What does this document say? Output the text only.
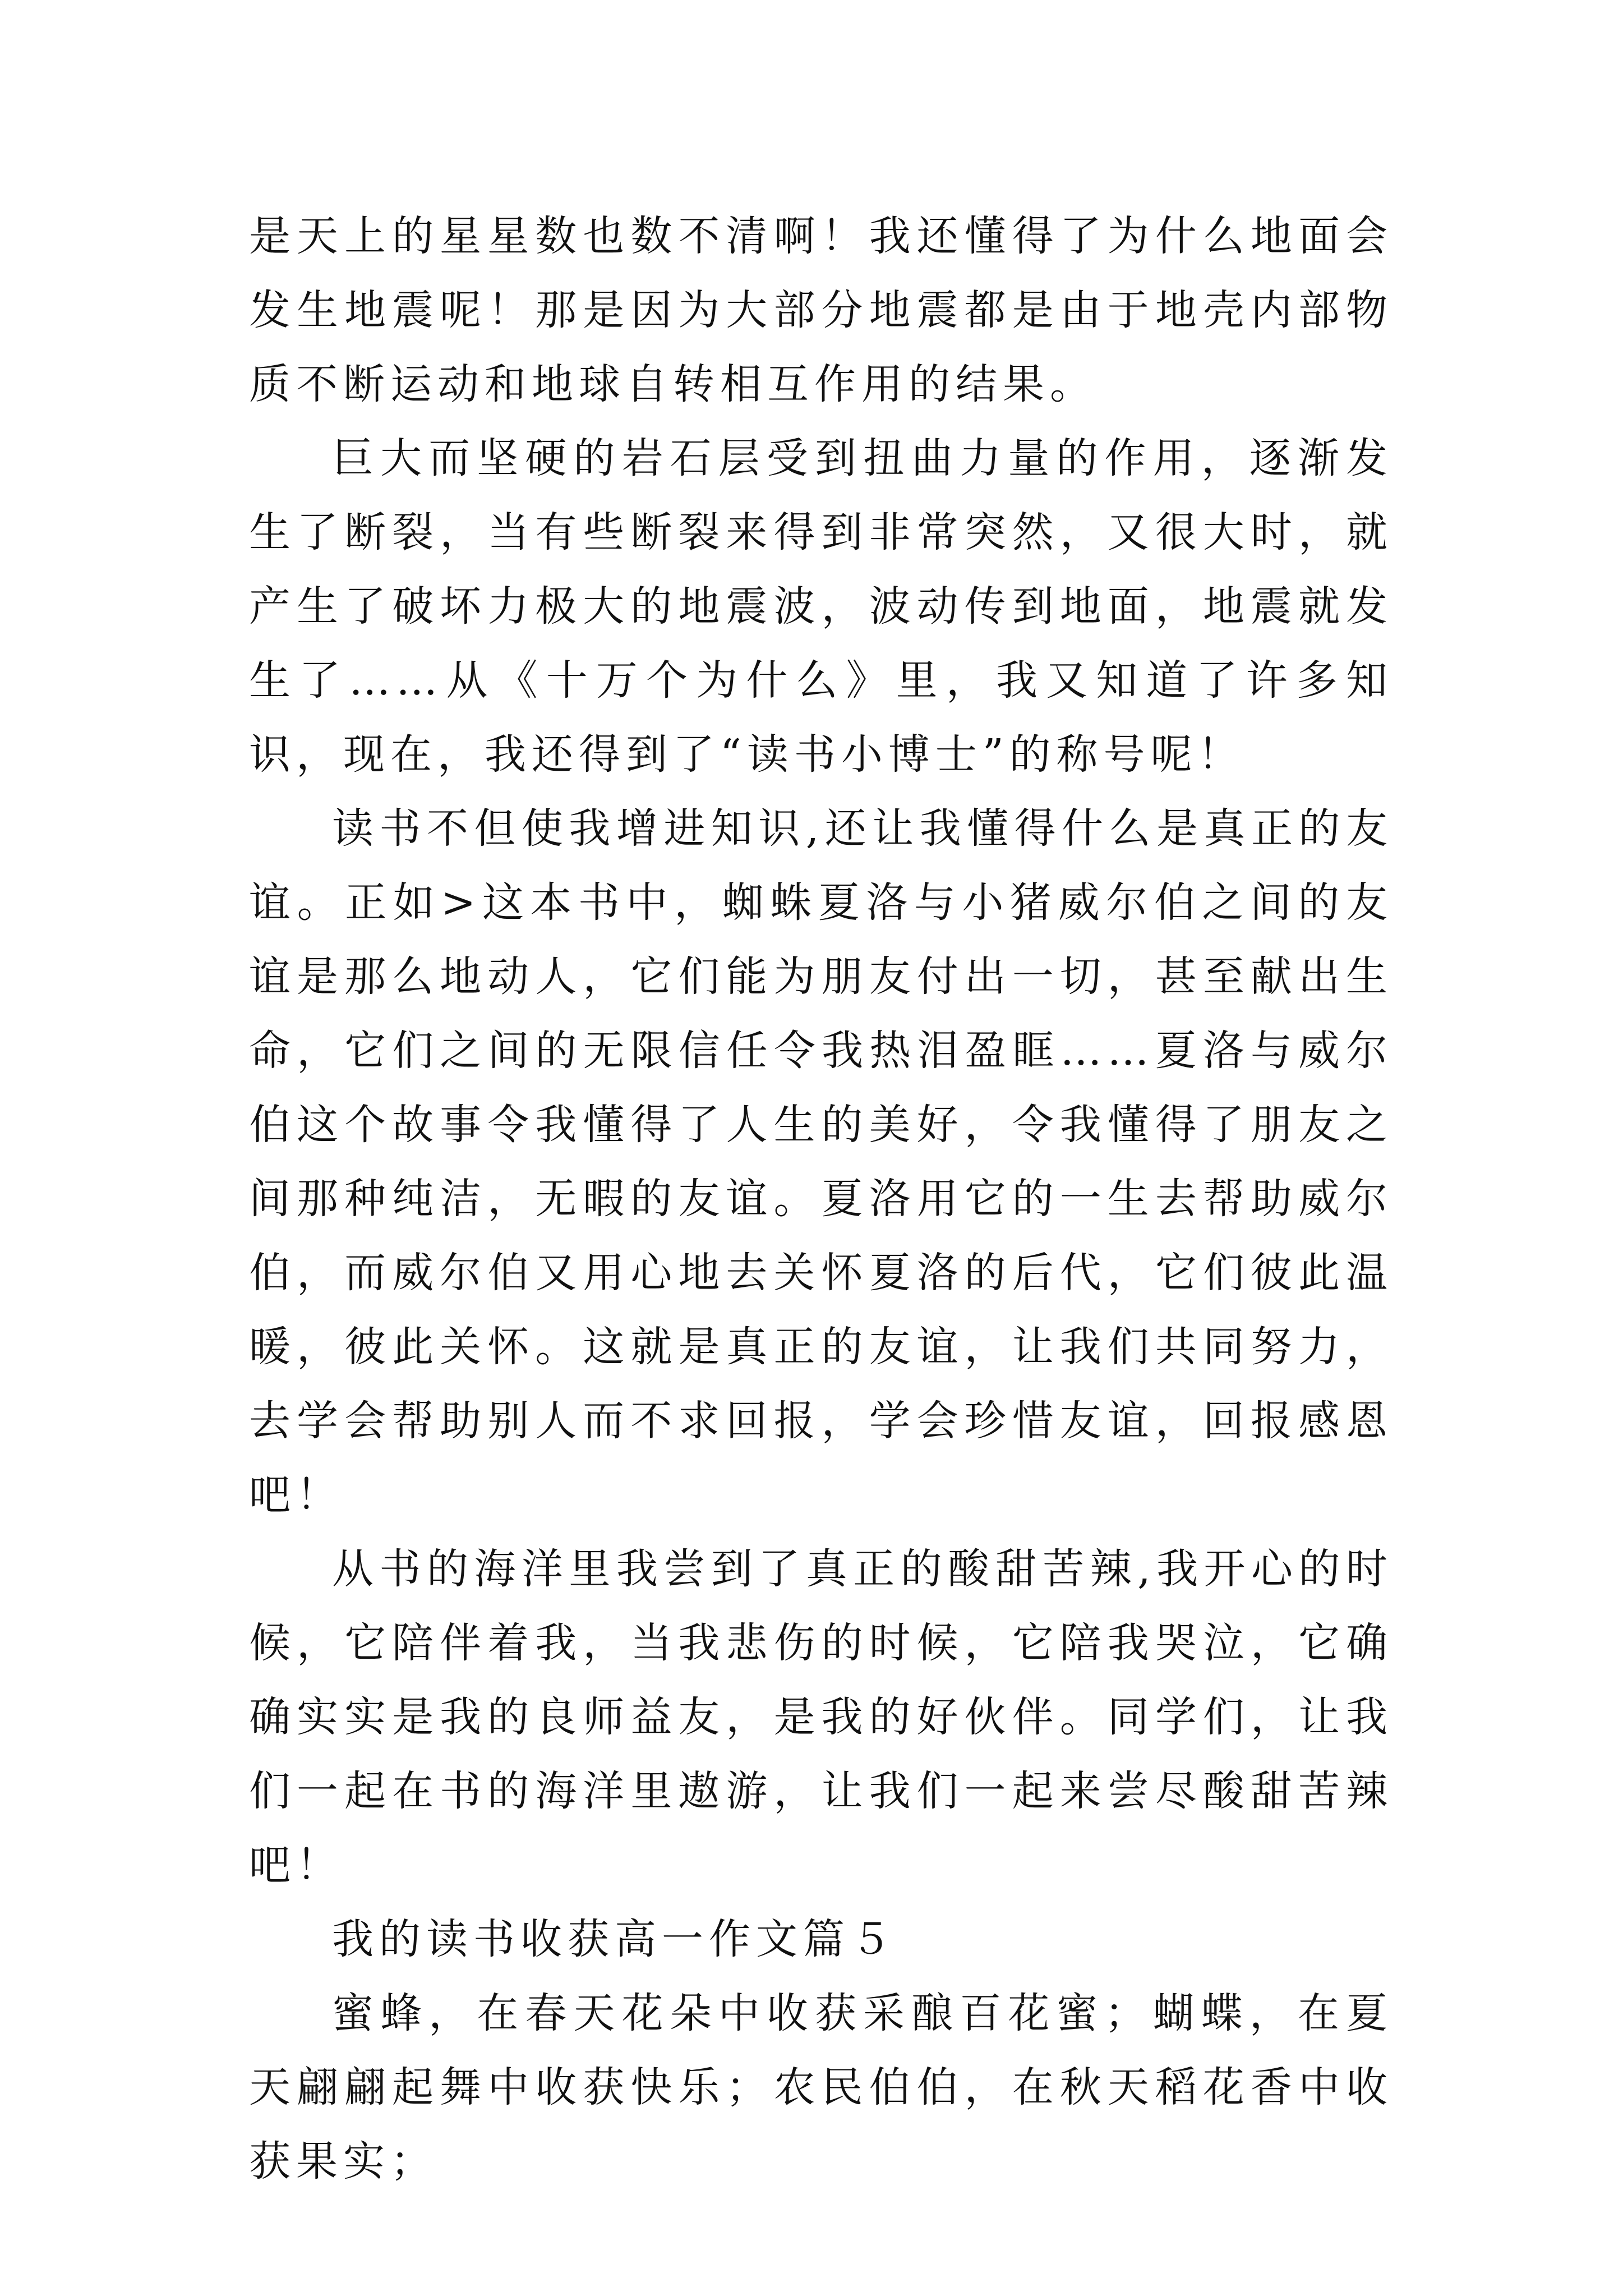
是天上的星星数也数不清啊！我还懂得了为什么地面会发生地震呢！那是因为大部分地震都是由于地壳内部物质不断运动和地球自转相互作用的结果。

巨大而坚硬的岩石层受到扭曲力量的作用，逐渐发生了断裂，当有些断裂来得到非常突然，又很大时，就产生了破坏力极大的地震波，波动传到地面，地震就发生了……从《十万个为什么》里，我又知道了许多知识，现在，我还得到了“读书小博士”的称号呢！

读书不但使我增进知识,还让我懂得什么是真正的友谊。正如>这本书中，蜘蛛夏洛与小猪威尔伯之间的友谊是那么地动人，它们能为朋友付出一切，甚至献出生命，它们之间的无限信任令我热泪盈眶……夏洛与威尔伯这个故事令我懂得了人生的美好，令我懂得了朋友之间那种纯洁，无暇的友谊。夏洛用它的一生去帮助威尔伯，而威尔伯又用心地去关怀夏洛的后代，它们彼此温暖，彼此关怀。这就是真正的友谊，让我们共同努力，去学会帮助别人而不求回报，学会珍惜友谊，回报感恩吧！

从书的海洋里我尝到了真正的酸甜苦辣,我开心的时候，它陪伴着我，当我悲伤的时候，它陪我哭泣，它确确实实是我的良师益友，是我的好伙伴。同学们，让我们一起在书的海洋里遨游，让我们一起来尝尽酸甜苦辣吧！

我的读书收获高一作文篇５

蜜蜂，在春天花朵中收获采酿百花蜜；蝴蝶，在夏天翩翩起舞中收获快乐；农民伯伯，在秋天稻花香中收获果实；
